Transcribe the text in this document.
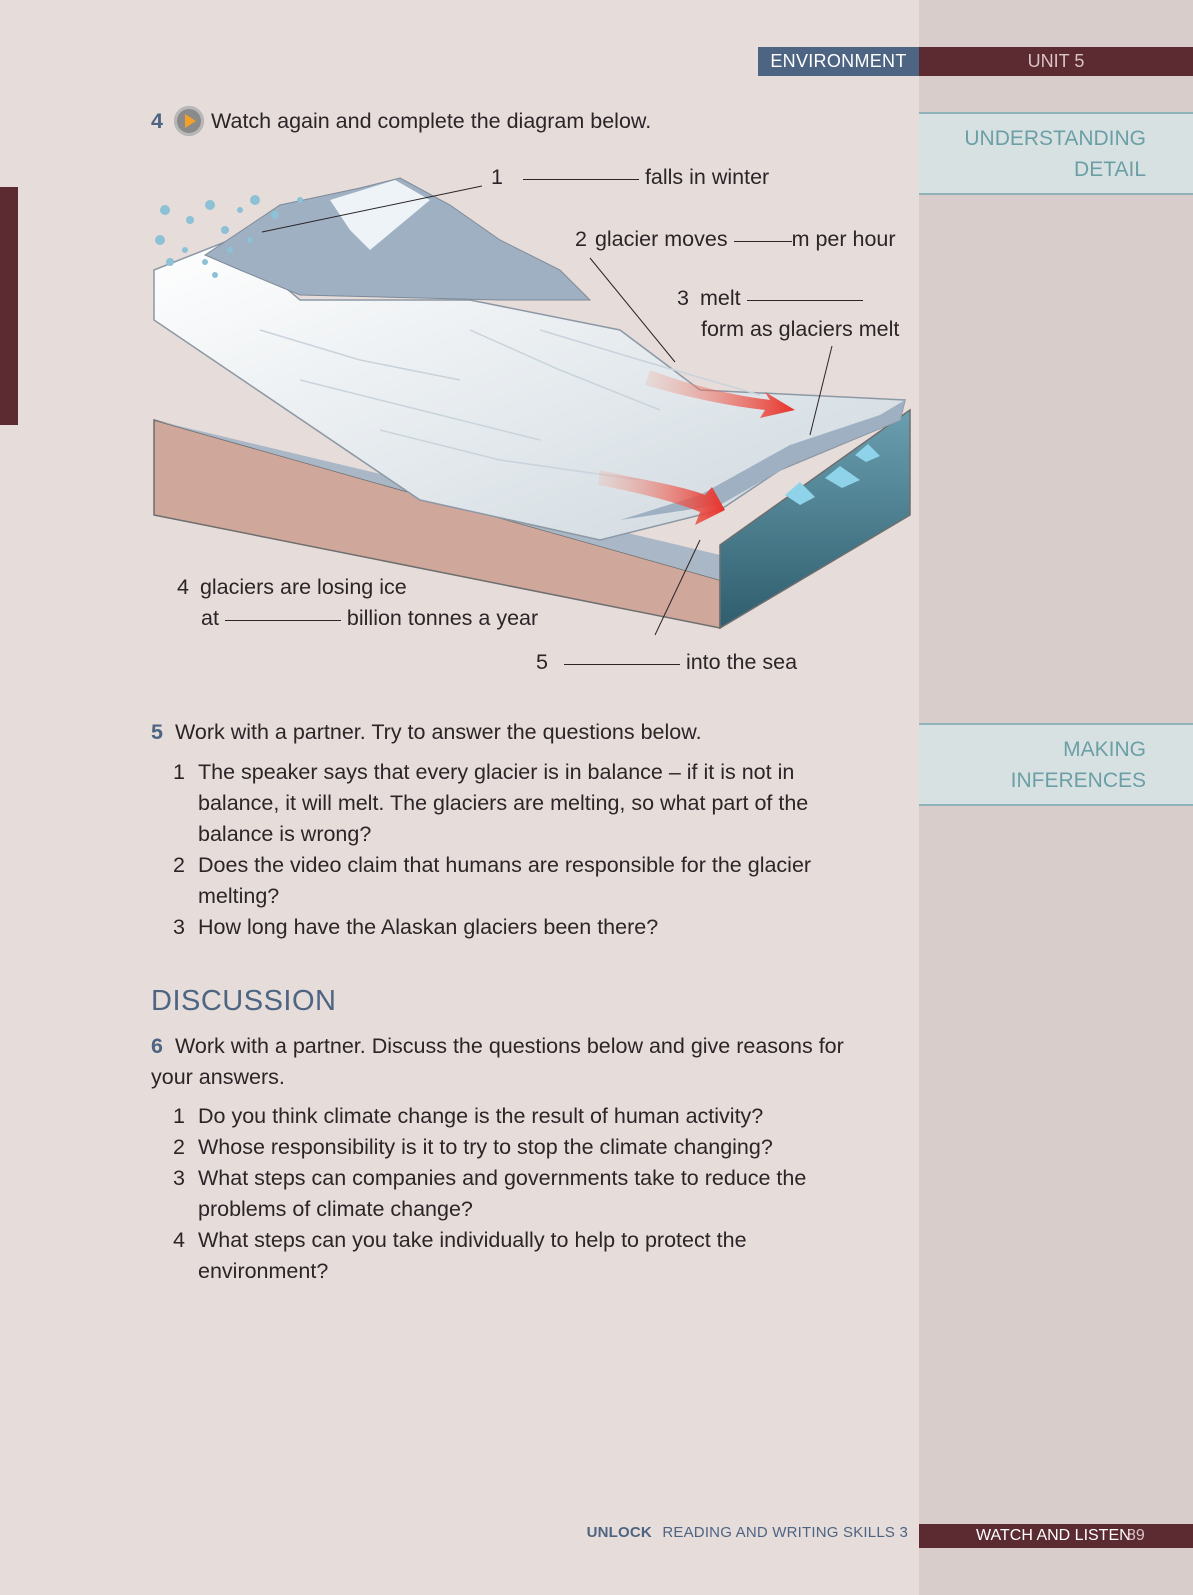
ENVIRONMENT	UNIT 5
UNDERSTANDING
DETAIL
MAKING
INFERENCES
4 Watch again and complete the diagram below.
1	falls in winter
2 glacier moves	m per hour
3 melt
form as glaciers melt
4 glaciers are losing ice
at	billion tonnes a year
5	into the sea
5 Work with a partner. Try to answer the questions below.
1 The speaker says that every glacier is in balance – if it is not in balance, it will melt. The glaciers are melting, so what part of the balance is wrong?
2 Does the video claim that humans are responsible for the glacier melting?
3 How long have the Alaskan glaciers been there?
DISCUSSION
6 Work with a partner. Discuss the questions below and give reasons for your answers.
1 Do you think climate change is the result of human activity?
2 Whose responsibility is it to try to stop the climate changing?
3 What steps can companies and governments take to reduce the problems of climate change?
4 What steps can you take individually to help to protect the environment?
UNLOCK READING AND WRITING SKILLS 3	WATCH AND LISTEN
89
